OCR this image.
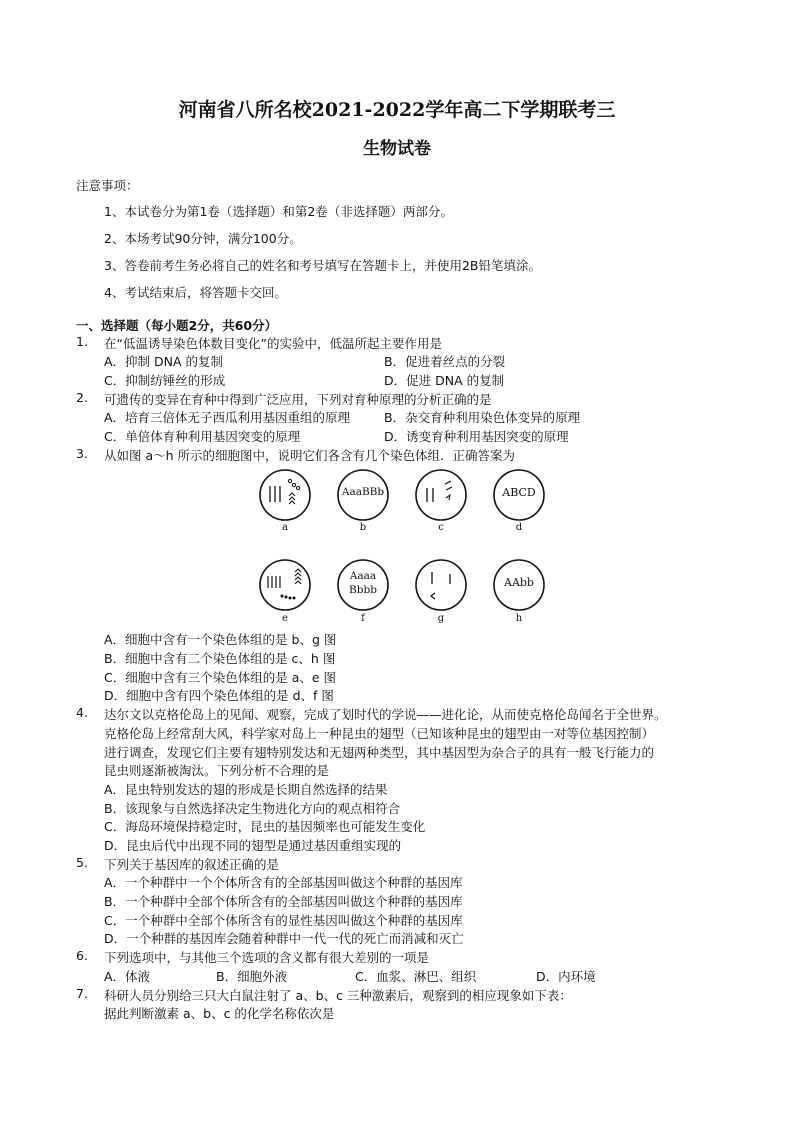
河南省八所名校2021-2022学年高二下学期联考三
生物试卷
注意事项：
1、本试卷分为第1卷（选择题）和第2卷（非选择题）两部分。
2、本场考试90分钟，满分100分。
3、答卷前考生务必将自己的姓名和考号填写在答题卡上，并使用2B铅笔填涂。
4、考试结束后，将答题卡交回。
一、选择题（每小题2分，共60分）
1. 在“低温诱导染色体数目变化”的实验中，低温所起主要作用是
A．抑制 DNA 的复制	B．促进着丝点的分裂
C．抑制纺锤丝的形成	D．促进 DNA 的复制
2. 可遗传的变异在育种中得到广泛应用，下列对育种原理的分析正确的是
A．培育三倍体无子西瓜利用基因重组的原理	B．杂交育种利用染色体变异的原理
C．单倍体育种利用基因突变的原理	D．诱变育种利用基因突变的原理
3. 从如图 a～h 所示的细胞图中，说明它们各含有几个染色体组．正确答案为
a
AaaBBb
b	c
ABCD
d
e
Aaaa
Bbbb
f	g
AAbb
h
A．细胞中含有一个染色体组的是 b、g 图
B．细胞中含有二个染色体组的是 c、h 图
C．细胞中含有三个染色体组的是 a、e 图
D．细胞中含有四个染色体组的是 d、f 图
4. 达尔文以克格伦岛上的见闻、观察，完成了划时代的学说——进化论，从而使克格伦岛闻名于全世界。
克格伦岛上经常刮大风，科学家对岛上一种昆虫的翅型（已知该种昆虫的翅型由一对等位基因控制）
进行调查，发现它们主要有翅特别发达和无翅两种类型，其中基因型为杂合子的具有一般飞行能力的
昆虫则逐渐被淘汰。下列分析不合理的是
A．昆虫特别发达的翅的形成是长期自然选择的结果
B．该现象与自然选择决定生物进化方向的观点相符合
C．海岛环境保持稳定时，昆虫的基因频率也可能发生变化
D．昆虫后代中出现不同的翅型是通过基因重组实现的
5. 下列关于基因库的叙述正确的是
A．一个种群中一个个体所含有的全部基因叫做这个种群的基因库
B．一个种群中全部个体所含有的全部基因叫做这个种群的基因库
C．一个种群中全部个体所含有的显性基因叫做这个种群的基因库
D．一个种群的基因库会随着种群中一代一代的死亡而消减和灭亡
6. 下列选项中，与其他三个选项的含义都有很大差别的一项是
A．体液	B．细胞外液	C．血浆、淋巴、组织	D．内环境
7. 科研人员分别给三只大白鼠注射了 a、b、c 三种激素后，观察到的相应现象如下表：
据此判断激素 a、b、c 的化学名称依次是
